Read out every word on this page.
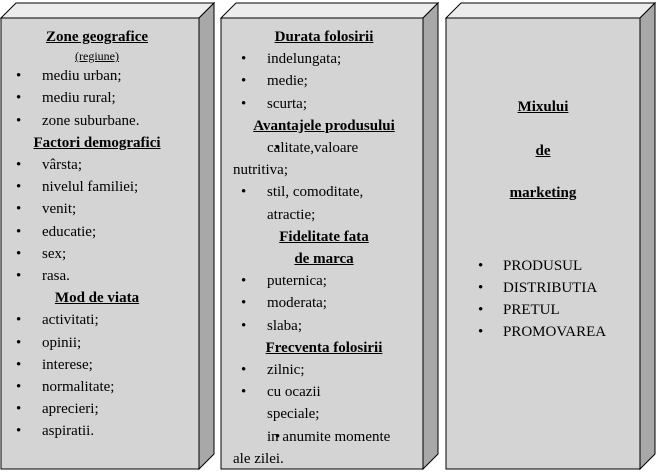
Zone geografice
(regiune)
• mediu urban;
• mediu rural;
• zone suburbane.
Factori demografici
• vârsta;
• nivelul familiei;
• venit;
• educatie;
• sex;
• rasa.
Mod de viata
• activitati;
• opinii;
• interese;
• normalitate;
• aprecieri;
• aspiratii.
Durata folosirii
• indelungata;
• medie;
• scurta;
Avantajele produsului
• calitate,valoare nutritiva;
• stil, comoditate, atractie;
Fidelitate fata
de marca
• puternica;
• moderata;
• slaba;
Frecventa folosirii
• zilnic;
• cu ocazii speciale;
• in anumite momente ale zilei.
Mixului
de
marketing
• PRODUSUL
• DISTRIBUTIA
• PRETUL
• PROMOVAREA
